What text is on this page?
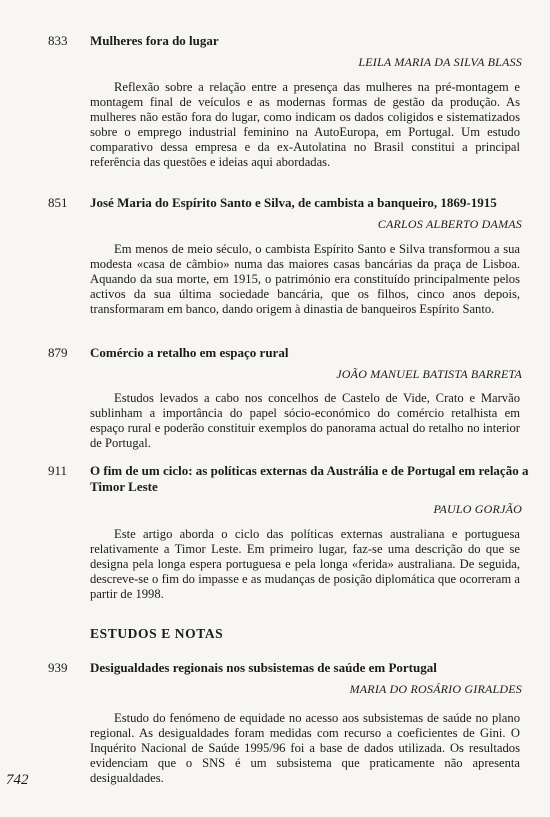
833 Mulheres fora do lugar
LEILA MARIA DA SILVA BLASS

Reflexão sobre a relação entre a presença das mulheres na pré-montagem e montagem final de veículos e as modernas formas de gestão da produção. As mulheres não estão fora do lugar, como indicam os dados coligidos e sistematizados sobre o emprego industrial feminino na AutoEuropa, em Portugal. Um estudo comparativo dessa empresa e da ex-Autolatina no Brasil constitui a principal referência das questões e ideias aqui abordadas.

851 José Maria do Espírito Santo e Silva, de cambista a banqueiro, 1869-1915
CARLOS ALBERTO DAMAS

Em menos de meio século, o cambista Espírito Santo e Silva transformou a sua modesta «casa de câmbio» numa das maiores casas bancárias da praça de Lisboa. Aquando da sua morte, em 1915, o património era constituído principalmente pelos activos da sua última sociedade bancária, que os filhos, cinco anos depois, transformaram em banco, dando origem à dinastia de banqueiros Espírito Santo.

879 Comércio a retalho em espaço rural
JOÃO MANUEL BATISTA BARRETA

Estudos levados a cabo nos concelhos de Castelo de Vide, Crato e Marvão sublinham a importância do papel sócio-económico do comércio retalhista em espaço rural e poderão constituir exemplos do panorama actual do retalho no interior de Portugal.

911 O fim de um ciclo: as políticas externas da Austrália e de Portugal em relação a Timor Leste
PAULO GORJÃO

Este artigo aborda o ciclo das políticas externas australiana e portuguesa relativamente a Timor Leste. Em primeiro lugar, faz-se uma descrição do que se designa pela longa espera portuguesa e pela longa «ferida» australiana. De seguida, descreve-se o fim do impasse e as mudanças de posição diplomática que ocorreram a partir de 1998.

ESTUDOS E NOTAS
939 Desigualdades regionais nos subsistemas de saúde em Portugal
MARIA DO ROSÁRIO GIRALDES

Estudo do fenómeno de equidade no acesso aos subsistemas de saúde no plano regional. As desigualdades foram medidas com recurso a coeficientes de Gini. O Inquérito Nacional de Saúde 1995/96 foi a base de dados utilizada. Os resultados evidenciam que o SNS é um subsistema que praticamente não apresenta desigualdades.

742
